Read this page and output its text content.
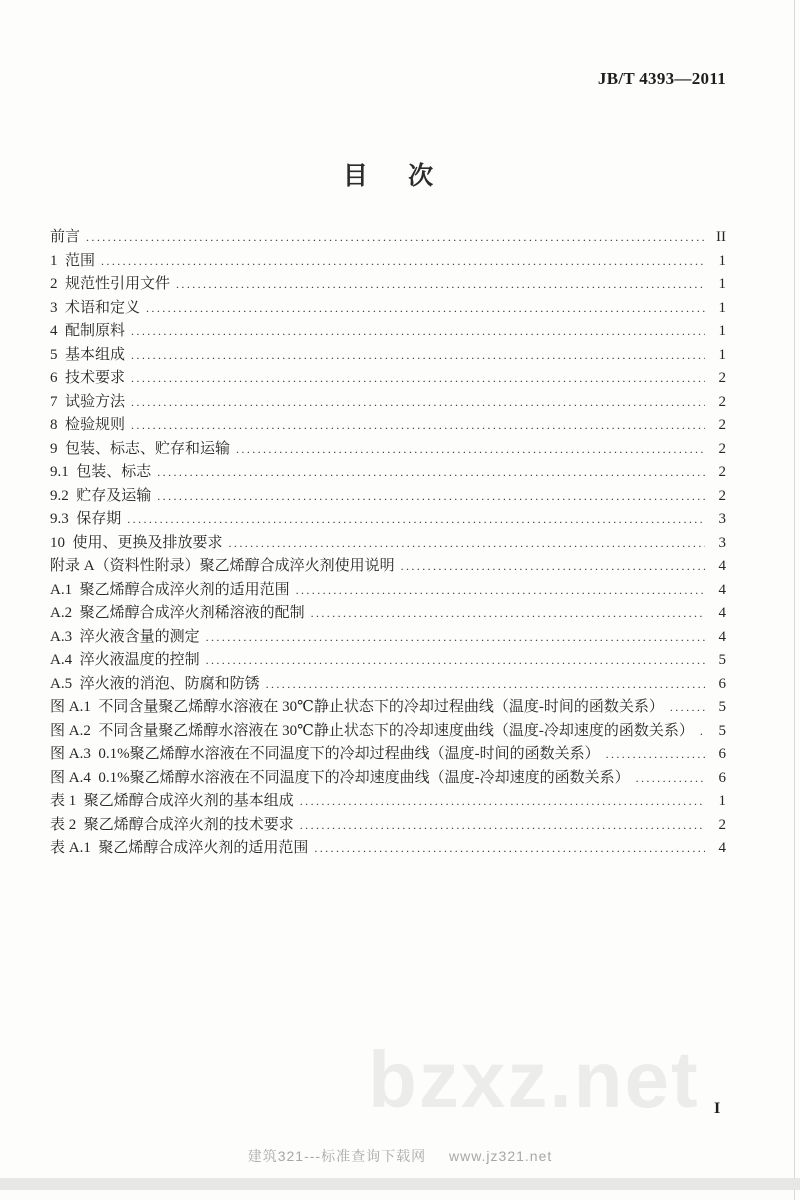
JB/T 4393—2011
目 次
前言 .....	II
1  范围 .....	1
2  规范性引用文件 .....	1
3  术语和定义 .....	1
4  配制原料 .....	1
5  基本组成 .....	1
6  技术要求 .....	2
7  试验方法 .....	2
8  检验规则 .....	2
9  包装、标志、贮存和运输 .....	2
9.1  包装、标志 .....	2
9.2  贮存及运输 .....	2
9.3  保存期 .....	3
10  使用、更换及排放要求 .....	3
附录 A（资料性附录）聚乙烯醇合成淬火剂使用说明 .....	4
A.1  聚乙烯醇合成淬火剂的适用范围 .....	4
A.2  聚乙烯醇合成淬火剂稀溶液的配制 .....	4
A.3  淬火液含量的测定 .....	4
A.4  淬火液温度的控制 .....	5
A.5  淬火液的消泡、防腐和防锈 .....	6
图 A.1  不同含量聚乙烯醇水溶液在 30℃静止状态下的冷却过程曲线（温度-时间的函数关系） .....	5
图 A.2  不同含量聚乙烯醇水溶液在 30℃静止状态下的冷却速度曲线（温度-冷却速度的函数关系） .....	5
图 A.3  0.1%聚乙烯醇水溶液在不同温度下的冷却过程曲线（温度-时间的函数关系） .....	6
图 A.4  0.1%聚乙烯醇水溶液在不同温度下的冷却速度曲线（温度-冷却速度的函数关系） .....	6
表 1  聚乙烯醇合成淬火剂的基本组成 .....	1
表 2  聚乙烯醇合成淬火剂的技术要求 .....	2
表 A.1  聚乙烯醇合成淬火剂的适用范围 .....	4
bzxz.net I
建筑321---标准查询下载网 www.jz321.net
